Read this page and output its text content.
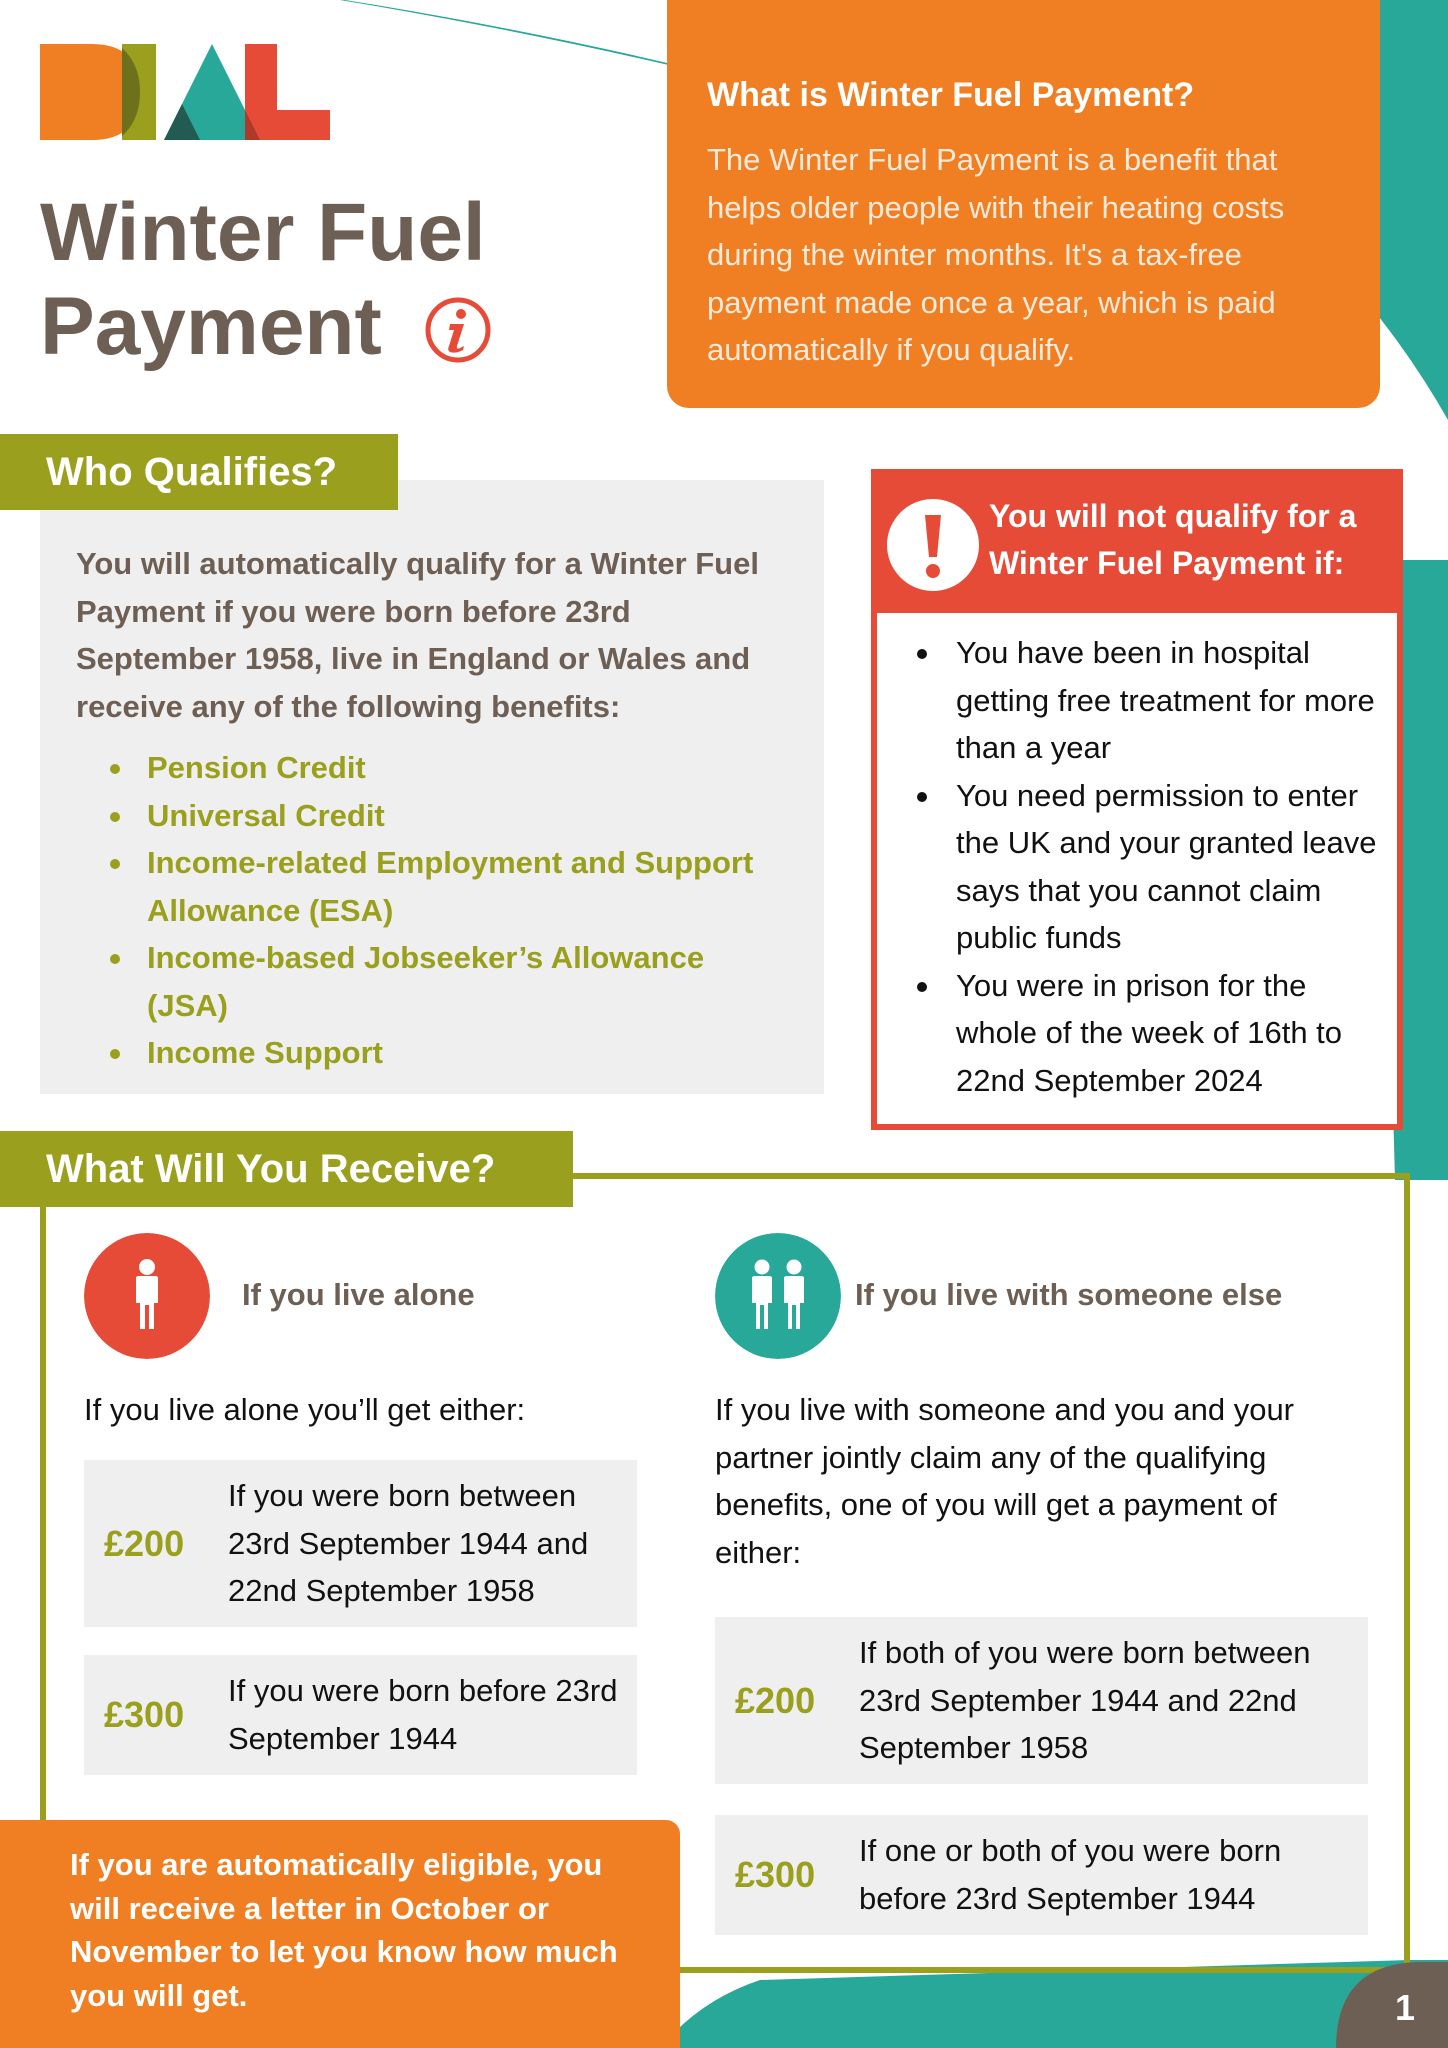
Winter Fuel
Payment
What is Winter Fuel Payment?

The Winter Fuel Payment is a benefit that helps older people with their heating costs during the winter months. It's a tax-free payment made once a year, which is paid automatically if you qualify.

Who Qualifies?

You will automatically qualify for a Winter Fuel Payment if you were born before 23rd September 1958, live in England or Wales and receive any of the following benefits:

Pension Credit
Universal Credit
Income-related Employment and Support Allowance (ESA)
Income-based Jobseeker’s Allowance (JSA)
Income Support
You will not qualify for a Winter Fuel Payment if:
You have been in hospital getting free treatment for more than a year
You need permission to enter the UK and your granted leave says that you cannot claim public funds
You were in prison for the whole of the week of 16th to 22nd September 2024
What Will You Receive?
If you live alone
If you live alone you’ll get either:
£200
If you were born between 23rd September 1944 and 22nd September 1958
£300
If you were born before 23rd September 1944
If you live with someone else
If you live with someone and you and your partner jointly claim any of the qualifying benefits, one of you will get a payment of either:
£200
If both of you were born between 23rd September 1944 and 22nd September 1958
£300
If one or both of you were born before 23rd September 1944

If you are automatically eligible, you will receive a letter in October or November to let you know how much you will get.	1
